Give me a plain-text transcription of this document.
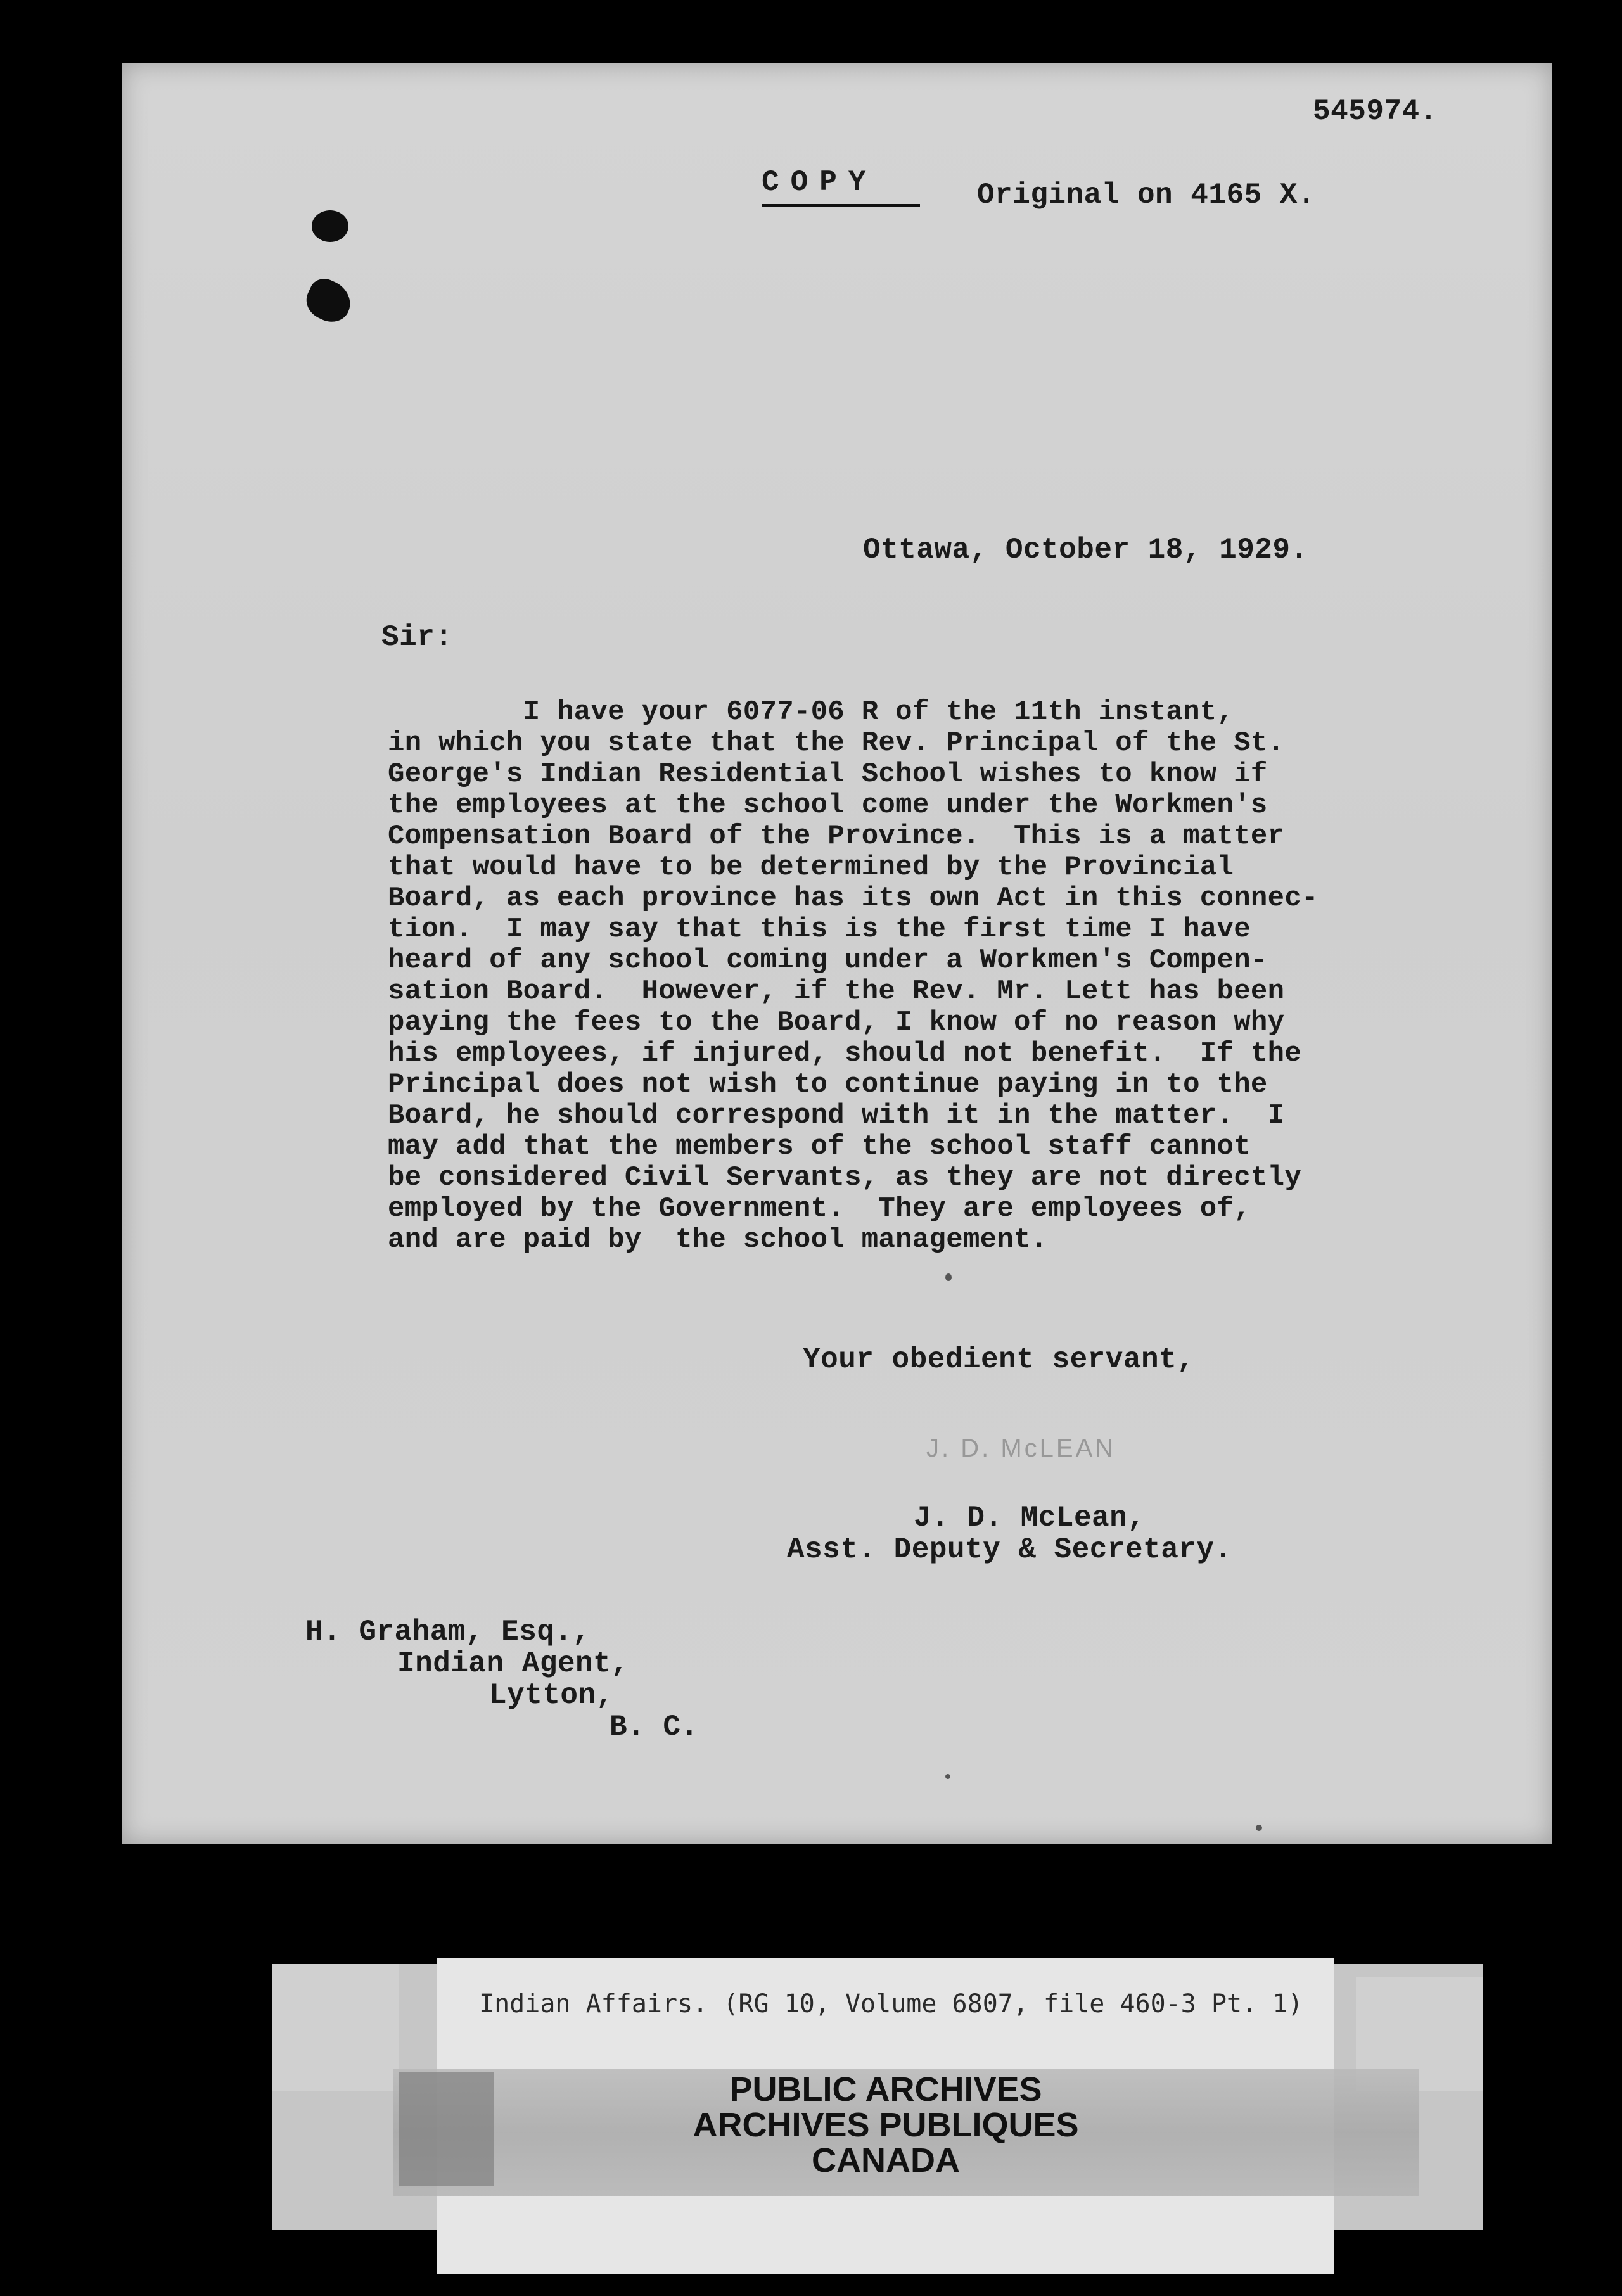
545974.
COPY	Original on 4165 X.
Ottawa, October 18, 1929.
Sir:
I have your 6077-06 R of the 11th instant,
in which you state that the Rev. Principal of the St.
George's Indian Residential School wishes to know if
the employees at the school come under the Workmen's
Compensation Board of the Province.  This is a matter
that would have to be determined by the Provincial
Board, as each province has its own Act in this connec-
tion.  I may say that this is the first time I have
heard of any school coming under a Workmen's Compen-
sation Board.  However, if the Rev. Mr. Lett has been
paying the fees to the Board, I know of no reason why
his employees, if injured, should not benefit.  If the
Principal does not wish to continue paying in to the
Board, he should correspond with it in the matter.  I
may add that the members of the school staff cannot
be considered Civil Servants, as they are not directly
employed by the Government.  They are employees of,
and are paid by  the school management.
Your obedient servant,
J. D. McLEAN
J. D. McLean,
Asst. Deputy & Secretary.
H. Graham, Esq.,
Indian Agent,
Lytton,
B. C.
Indian Affairs. (RG 10, Volume 6807, file 460-3 Pt. 1)
PUBLIC ARCHIVES
ARCHIVES PUBLIQUES
CANADA
